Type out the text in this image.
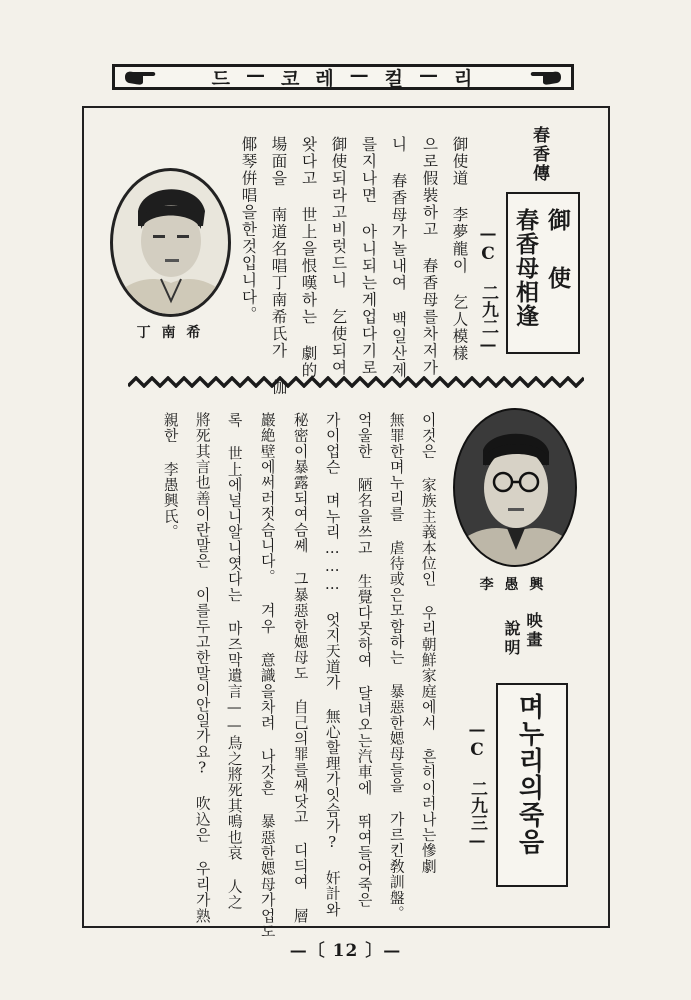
드 — 코 레 — 컬 — 리
春香傳
御 使
春香母相逢
—C 二九二—
御使道 李夢龍이 乞人模樣
으로假裝하고 春香母를차저가
니 春香母가놀내여 백일산제
를지나면 아니되는게업다기로
御使되라고비럿드니 乞使되여
왓다고 世上을恨嘆하는 劇的
場面을 南道名唱丁南希氏가 伽
倻琴倂唱을한것입니다。
丁 南 希
李 愚 興
映畫
說明
며누리의죽음
—C 二九三—
이것은 家族主義本位인 우리朝鮮家庭에서 흔히이러나는慘劇
無罪한며누리를 虐待或은모함하는 暴惡한媤母들을 가르킨敎訓盤。
억울한 陋名을쓰고 生覺다못하여 달녀오는汽車에 뛰여들어죽은
가이업슨 며누리……… 엇지天道가 無心할理가잇슴가? 奸計와
秘密이暴露되여슴쎼 그暴惡한媤母도 自己의罪를쌔닷고 디듸여 層
巖絶壁에써러젓슴니다。 겨우 意識을차려 나갓흔 暴惡한媤母가업도
록 世上에널니알니엿다는 마즈막遺言——鳥之將死其鳴也哀 人之
將死其言也善이란말은 이를두고한말이안일가요? 吹込은 우리가熟
親한 李愚興氏。
—〔 12 〕—
